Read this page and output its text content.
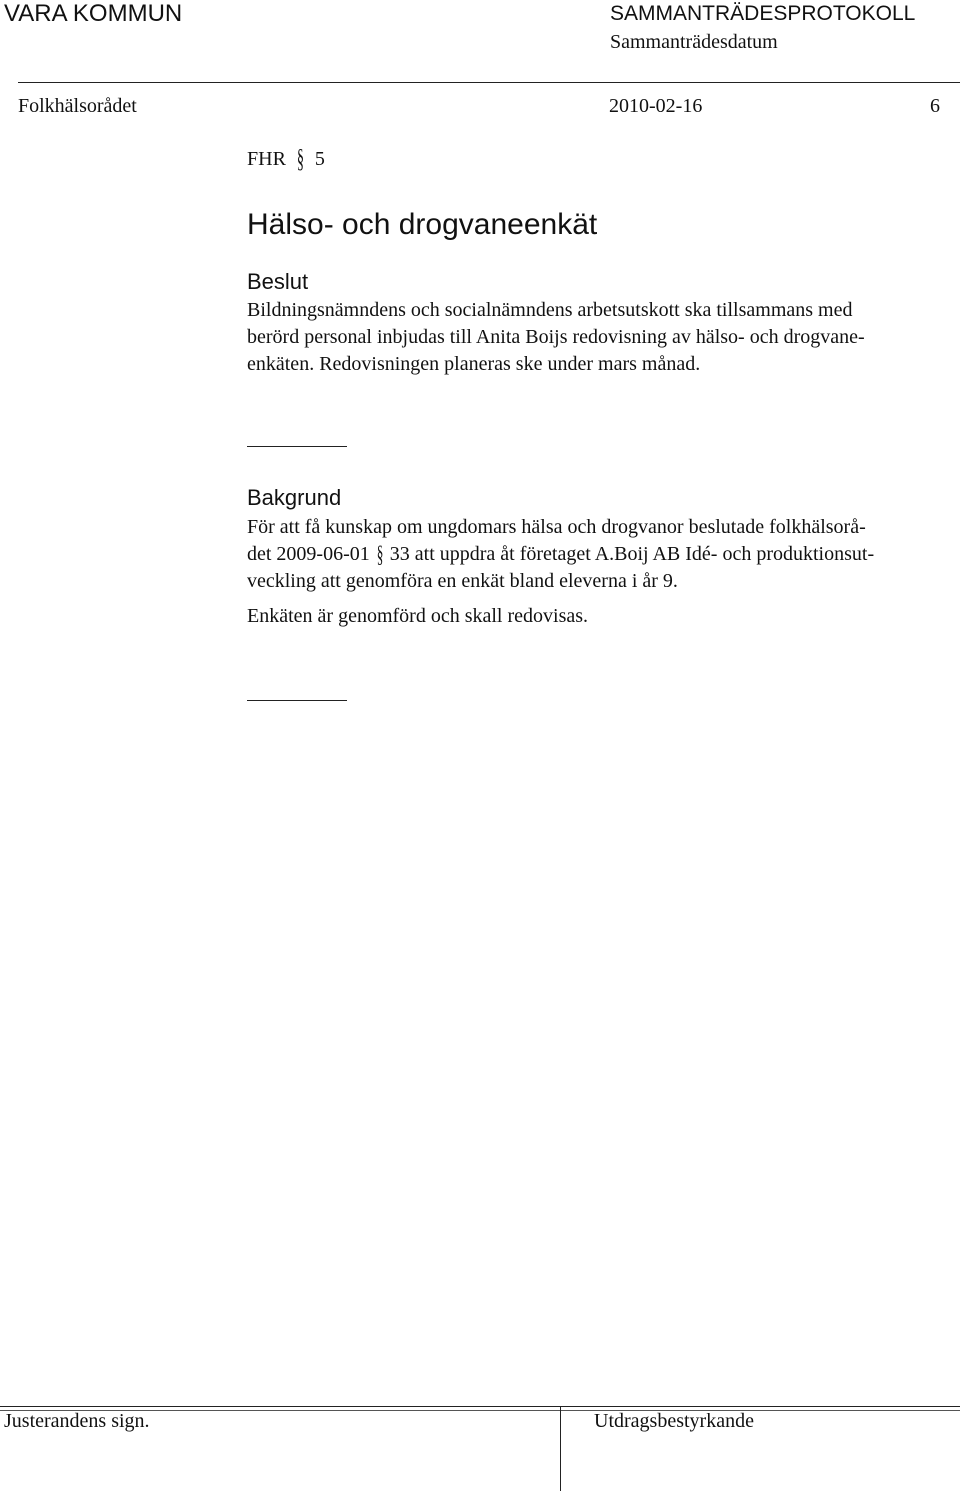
VARA KOMMUN	SAMMANTRÄDESPROTOKOLL
Sammanträdesdatum
Folkhälsorådet	2010-02-16	6
FHR § 5
Hälso- och drogvaneenkät
Beslut
Bildningsnämndens och socialnämndens arbetsutskott ska tillsammans med
berörd personal inbjudas till Anita Boijs redovisning av hälso- och drogvane-
enkäten. Redovisningen planeras ske under mars månad.
Bakgrund
För att få kunskap om ungdomars hälsa och drogvanor beslutade folkhälsorå-
det 2009-06-01 § 33 att uppdra åt företaget A.Boij AB Idé- och produktionsut-
veckling att genomföra en enkät bland eleverna i år 9.
Enkäten är genomförd och skall redovisas.
Justerandens sign.	Utdragsbestyrkande
